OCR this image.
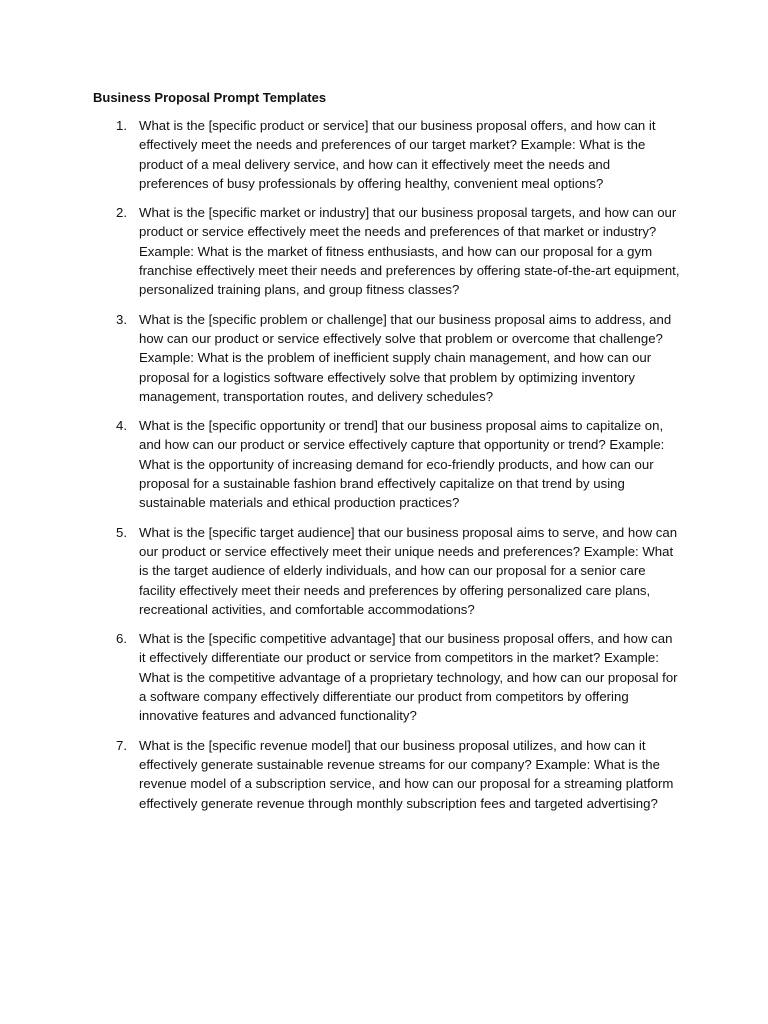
Business Proposal Prompt Templates
1. What is the [specific product or service] that our business proposal offers, and how can it effectively meet the needs and preferences of our target market? Example: What is the product of a meal delivery service, and how can it effectively meet the needs and preferences of busy professionals by offering healthy, convenient meal options?
2. What is the [specific market or industry] that our business proposal targets, and how can our product or service effectively meet the needs and preferences of that market or industry? Example: What is the market of fitness enthusiasts, and how can our proposal for a gym franchise effectively meet their needs and preferences by offering state-of-the-art equipment, personalized training plans, and group fitness classes?
3. What is the [specific problem or challenge] that our business proposal aims to address, and how can our product or service effectively solve that problem or overcome that challenge? Example: What is the problem of inefficient supply chain management, and how can our proposal for a logistics software effectively solve that problem by optimizing inventory management, transportation routes, and delivery schedules?
4. What is the [specific opportunity or trend] that our business proposal aims to capitalize on, and how can our product or service effectively capture that opportunity or trend? Example: What is the opportunity of increasing demand for eco-friendly products, and how can our proposal for a sustainable fashion brand effectively capitalize on that trend by using sustainable materials and ethical production practices?
5. What is the [specific target audience] that our business proposal aims to serve, and how can our product or service effectively meet their unique needs and preferences? Example: What is the target audience of elderly individuals, and how can our proposal for a senior care facility effectively meet their needs and preferences by offering personalized care plans, recreational activities, and comfortable accommodations?
6. What is the [specific competitive advantage] that our business proposal offers, and how can it effectively differentiate our product or service from competitors in the market? Example: What is the competitive advantage of a proprietary technology, and how can our proposal for a software company effectively differentiate our product from competitors by offering innovative features and advanced functionality?
7. What is the [specific revenue model] that our business proposal utilizes, and how can it effectively generate sustainable revenue streams for our company? Example: What is the revenue model of a subscription service, and how can our proposal for a streaming platform effectively generate revenue through monthly subscription fees and targeted advertising?
